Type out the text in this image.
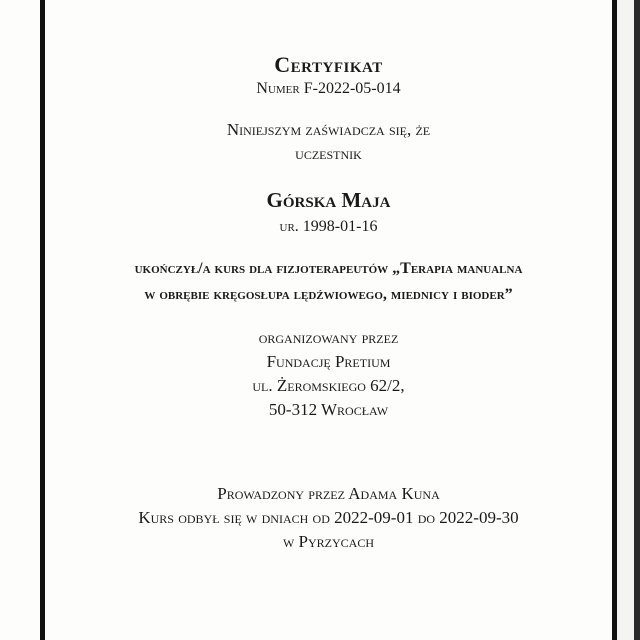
Certyfikat
Numer F-2022-05-014
Niniejszym zaświadcza się, że
uczestnik
Górska Maja
ur. 1998-01-16
ukończył/a kurs dla fizjoterapeutów „Terapia manualna
w obrębie kręgosłupa lędźwiowego, miednicy i bioder”
organizowany przez
Fundację Pretium
ul. Żeromskiego 62/2,
50-312 Wrocław
Prowadzony przez Adama Kuna
Kurs odbył się w dniach od 2022-09-01 do 2022-09-30
w Pyrzycach
